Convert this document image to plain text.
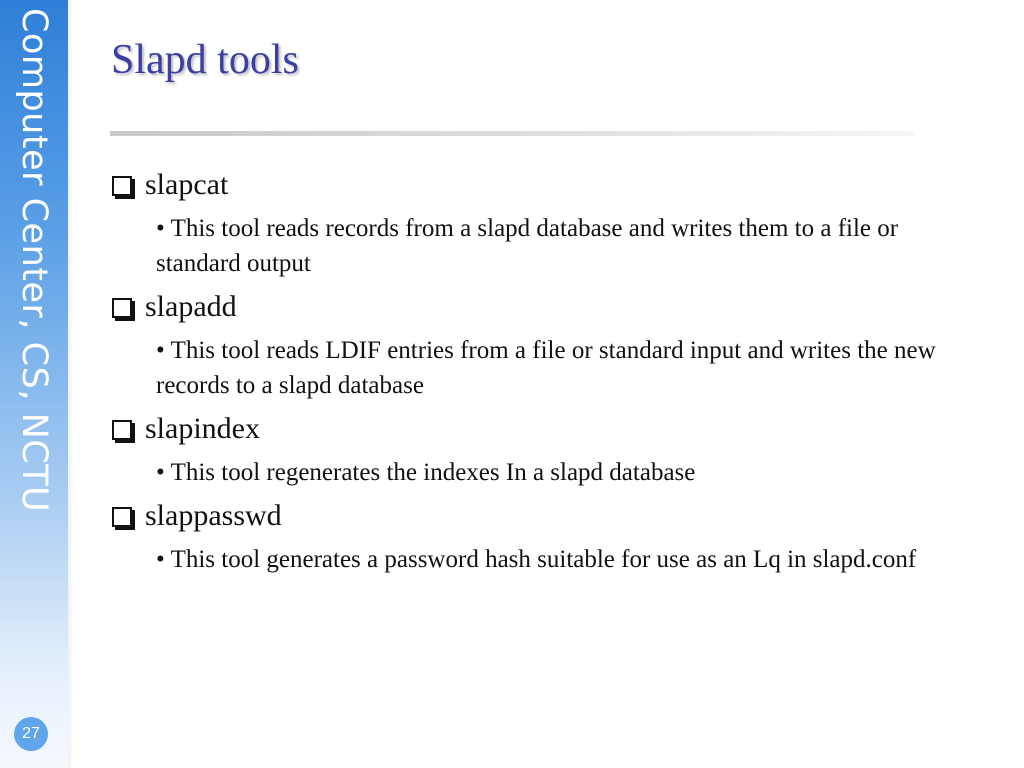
Computer Center, CS, NCTU
27
Slapd tools
slapcat
• This tool reads records from a slapd database and writes them to a file or standard output
slapadd
• This tool reads LDIF entries from a file or standard input and writes the new records to a slapd database
slapindex
• This tool regenerates the indexes In a slapd database
slappasswd
• This tool generates a password hash suitable for use as an Lq in slapd.conf
